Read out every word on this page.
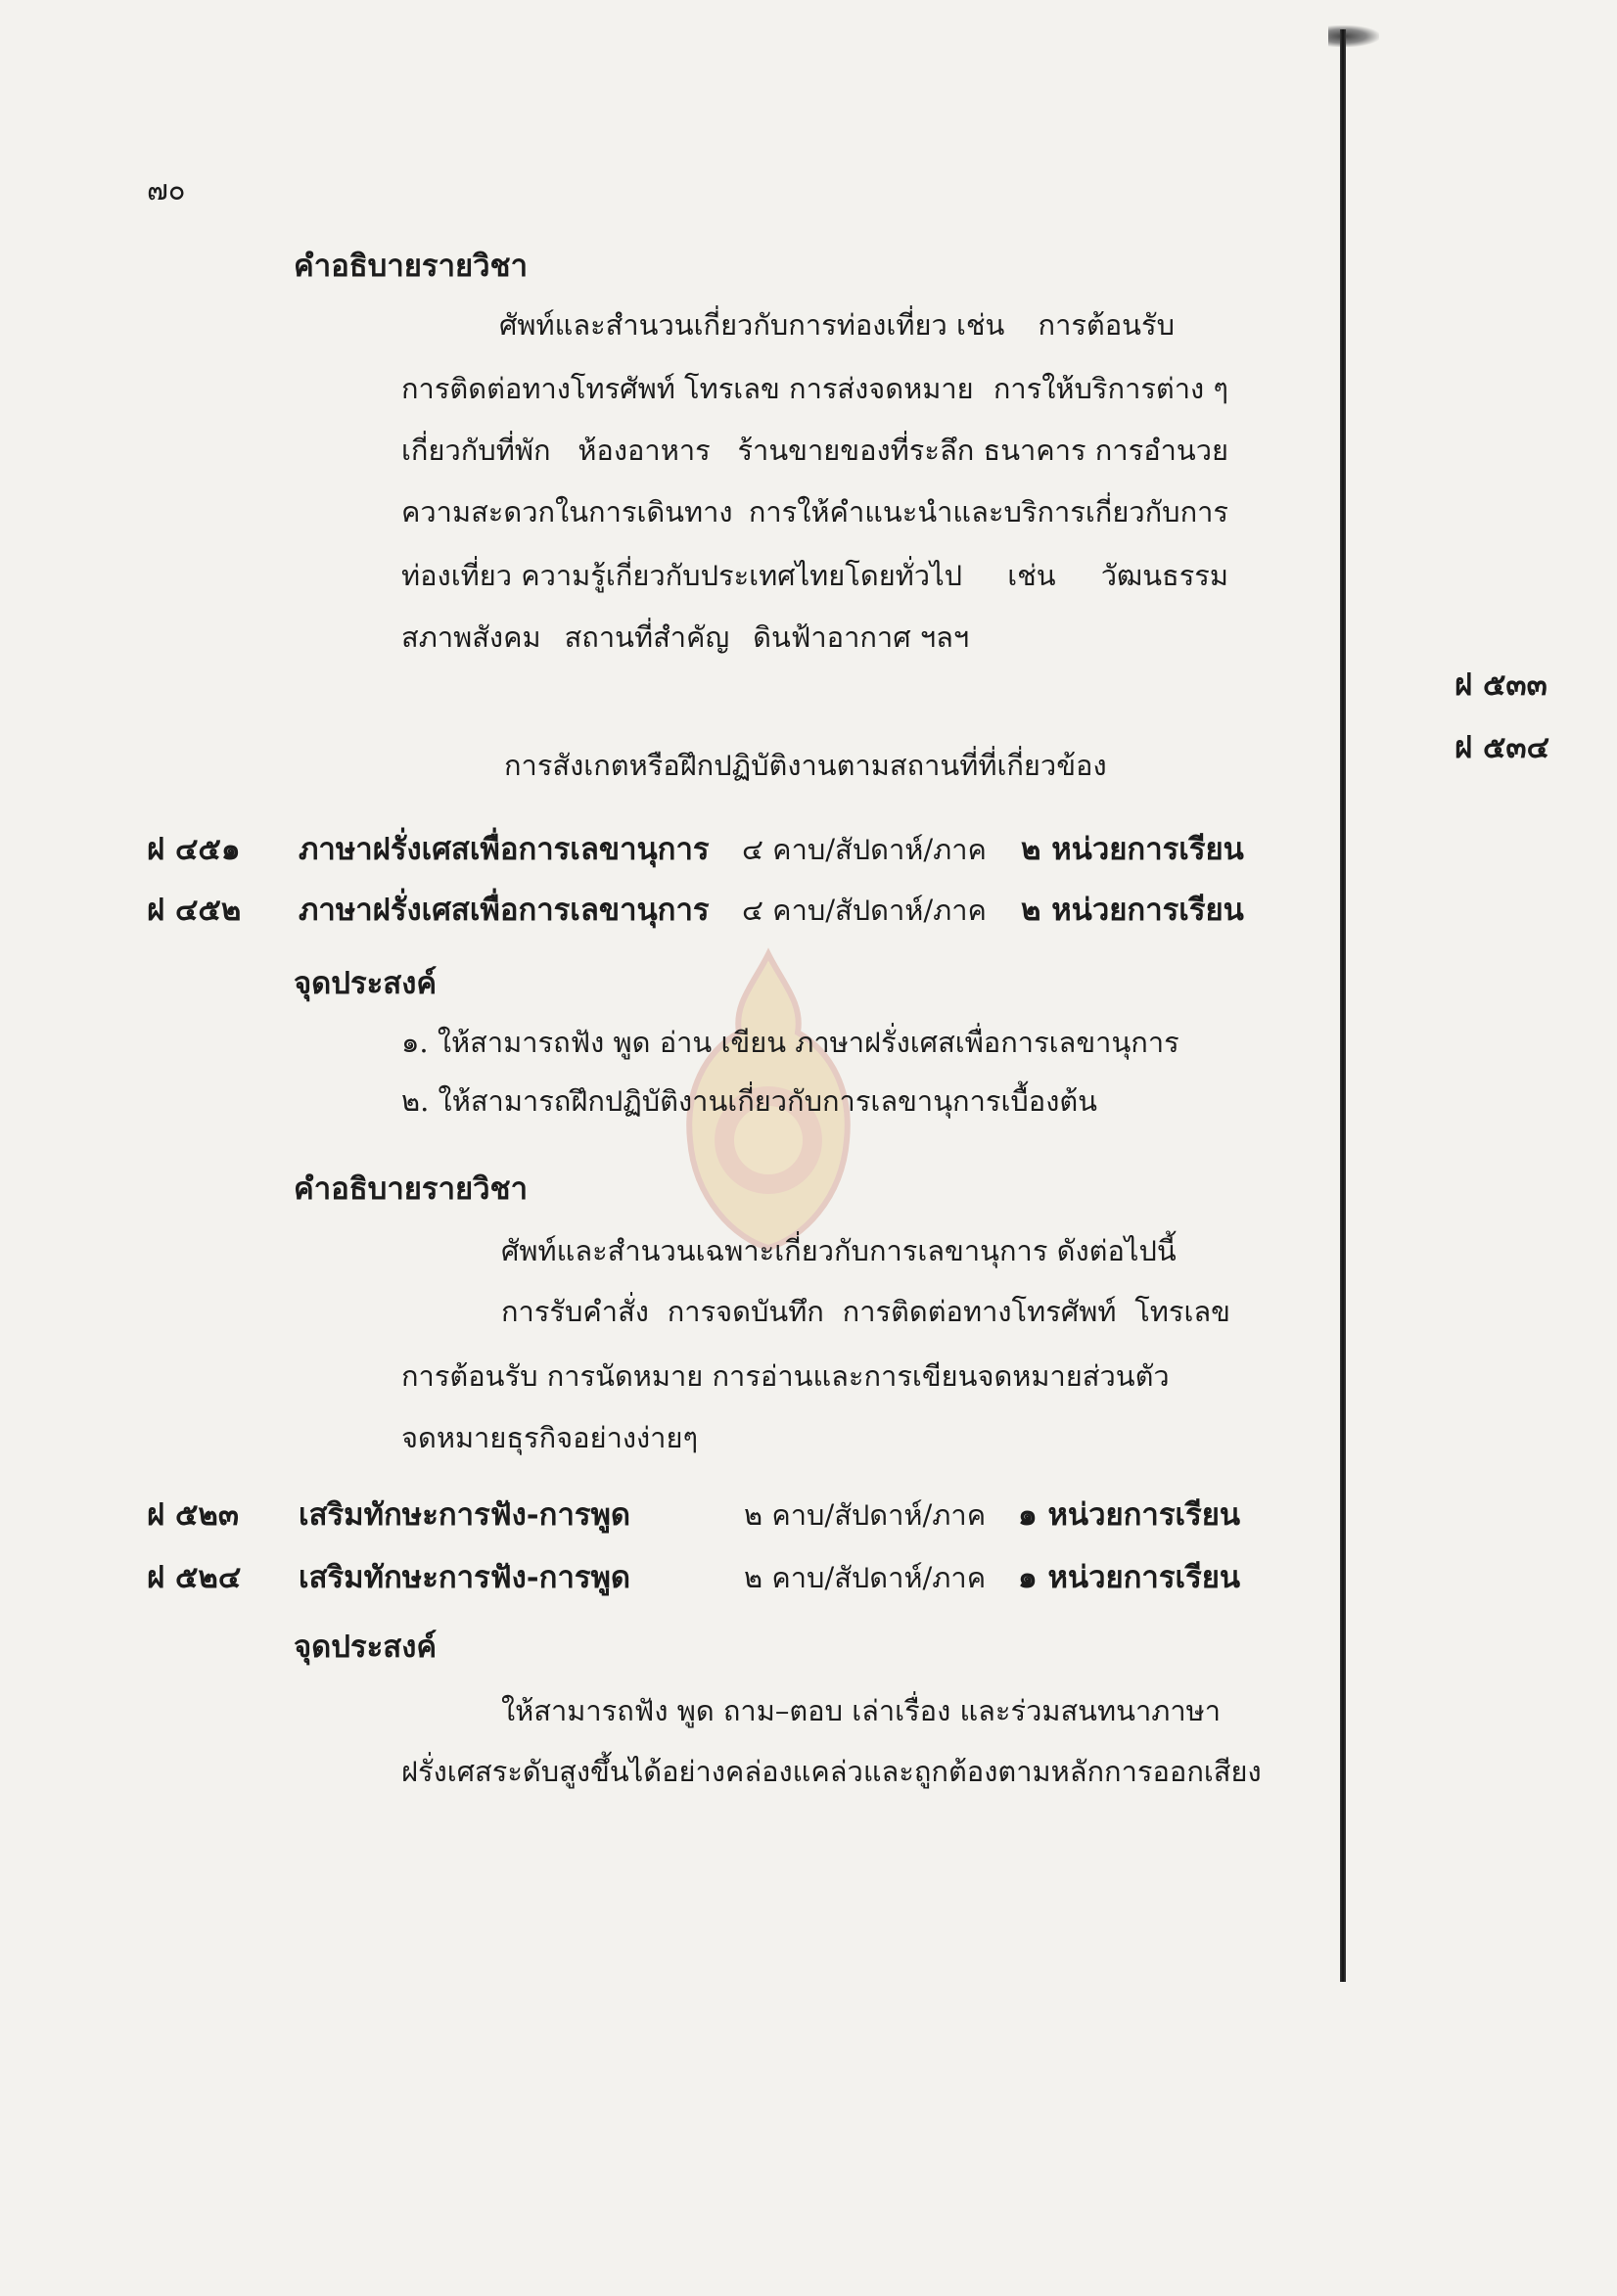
๗๐
คำอธิบายรายวิชา
ศัพท์และสำนวนเกี่ยวกับการท่องเที่ยว เช่น การต้อนรับ
การติดต่อทางโทรศัพท์ โทรเลข การส่งจดหมาย การให้บริการต่าง ๆ
เกี่ยวกับที่พัก ห้องอาหาร ร้านขายของที่ระลึก ธนาคาร การอำนวย
ความสะดวกในการเดินทาง การให้คำแนะนำและบริการเกี่ยวกับการ
ท่องเที่ยว ความรู้เกี่ยวกับประเทศไทยโดยทั่วไป เช่น วัฒนธรรม
สภาพสังคม สถานที่สำคัญ ดินฟ้าอากาศ ฯลฯ
ฝ ๕๓๓
ฝ ๕๓๔
การสังเกตหรือฝึกปฏิบัติงานตามสถานที่ที่เกี่ยวข้อง
ฝ ๔๕๑ ภาษาฝรั่งเศสเพื่อการเลขานุการ ๔ คาบ/สัปดาห์/ภาค ๒ หน่วยการเรียน
ฝ ๔๕๒ ภาษาฝรั่งเศสเพื่อการเลขานุการ ๔ คาบ/สัปดาห์/ภาค ๒ หน่วยการเรียน
จุดประสงค์
๑. ให้สามารถฟัง พูด อ่าน เขียน ภาษาฝรั่งเศสเพื่อการเลขานุการ
๒. ให้สามารถฝึกปฏิบัติงานเกี่ยวกับการเลขานุการเบื้องต้น
คำอธิบายรายวิชา
ศัพท์และสำนวนเฉพาะเกี่ยวกับการเลขานุการ ดังต่อไปนี้
การรับคำสั่ง การจดบันทึก การติดต่อทางโทรศัพท์ โทรเลข
การต้อนรับ การนัดหมาย การอ่านและการเขียนจดหมายส่วนตัว
จดหมายธุรกิจอย่างง่ายๆ
ฝ ๕๒๓ เสริมทักษะการฟัง-การพูด	๒ คาบ/สัปดาห์/ภาค ๑ หน่วยการเรียน
ฝ ๕๒๔ เสริมทักษะการฟัง-การพูด	๒ คาบ/สัปดาห์/ภาค ๑ หน่วยการเรียน
จุดประสงค์
ให้สามารถฟัง พูด ถาม–ตอบ เล่าเรื่อง และร่วมสนทนาภาษา
ฝรั่งเศสระดับสูงขึ้นได้อย่างคล่องแคล่วและถูกต้องตามหลักการออกเสียง
